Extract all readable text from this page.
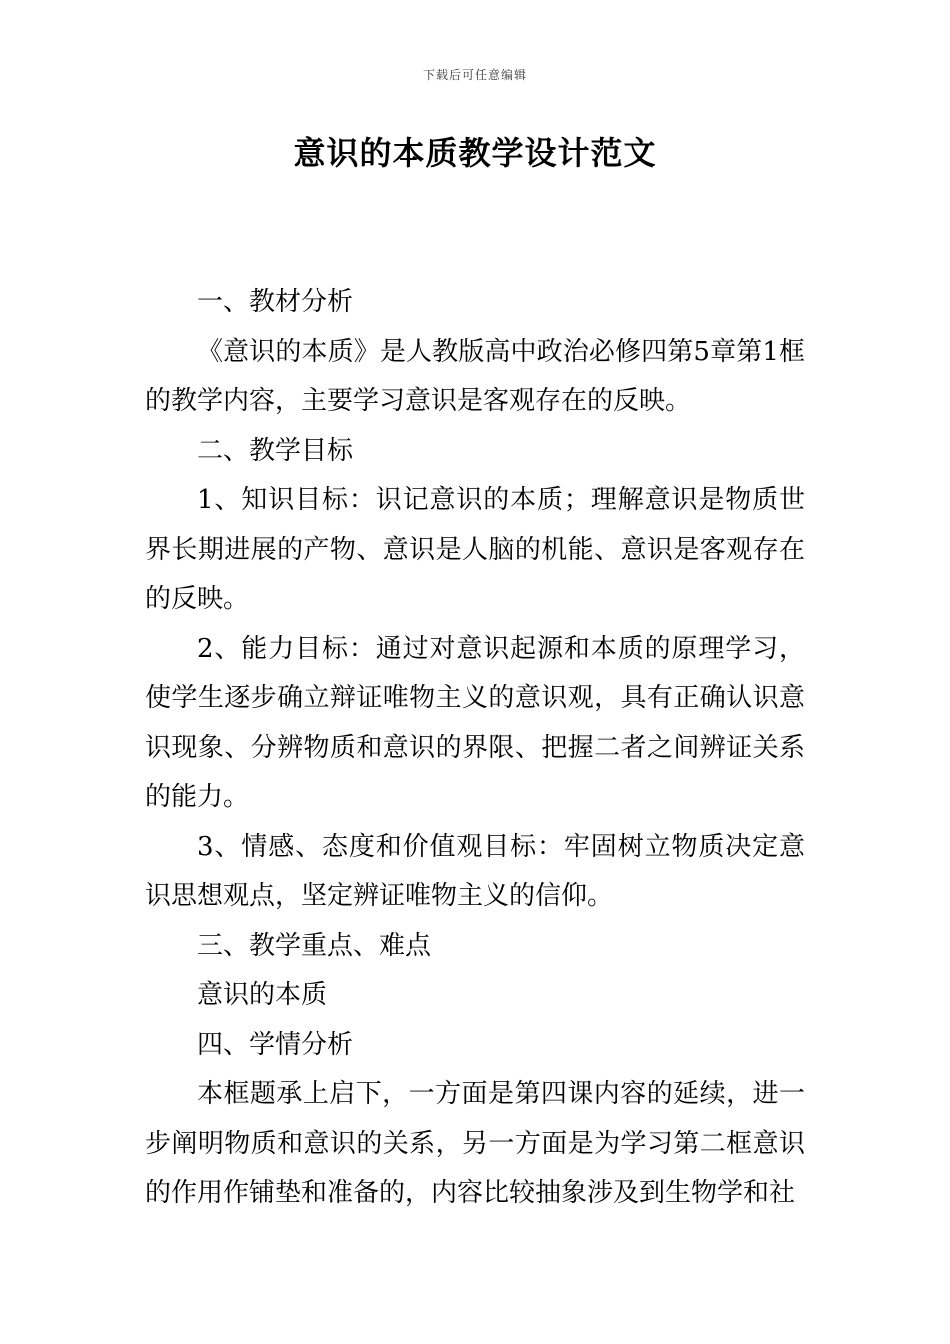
下载后可任意编辑
意识的本质教学设计范文

一、教材分析

《意识的本质》是人教版高中政治必修四第5章第1框的教学内容，主要学习意识是客观存在的反映。

二、教学目标

1、知识目标：识记意识的本质；理解意识是物质世界长期进展的产物、意识是人脑的机能、意识是客观存在的反映。

2、能力目标：通过对意识起源和本质的原理学习，使学生逐步确立辩证唯物主义的意识观，具有正确认识意识现象、分辨物质和意识的界限、把握二者之间辨证关系的能力。

3、情感、态度和价值观目标：牢固树立物质决定意识思想观点，坚定辨证唯物主义的信仰。

三、教学重点、难点

意识的本质

四、学情分析

本框题承上启下，一方面是第四课内容的延续，进一步阐明物质和意识的关系，另一方面是为学习第二框意识的作用作铺垫和准备的，内容比较抽象涉及到生物学和社
